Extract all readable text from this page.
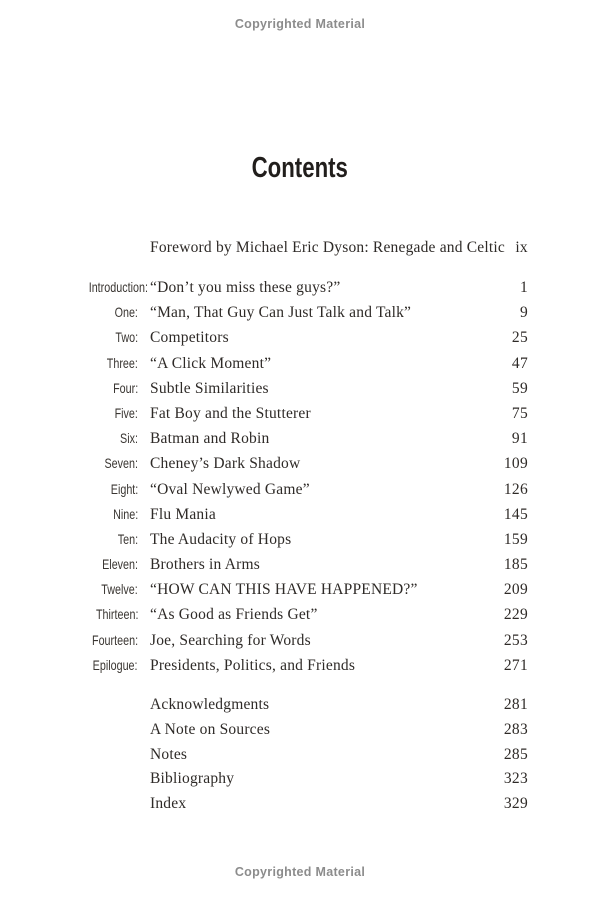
Copyrighted Material
Contents
Foreword by Michael Eric Dyson: Renegade and Celtic ix
Introduction: “Don’t you miss these guys?”	1
One: “Man, That Guy Can Just Talk and Talk”	9
Two: Competitors	25
Three: “A Click Moment”	47
Four: Subtle Similarities	59
Five: Fat Boy and the Stutterer	75
Six: Batman and Robin	91
Seven: Cheney’s Dark Shadow	109
Eight: “Oval Newlywed Game”	126
Nine: Flu Mania	145
Ten: The Audacity of Hops	159
Eleven: Brothers in Arms	185
Twelve: “HOW CAN THIS HAVE HAPPENED?”	209
Thirteen: “As Good as Friends Get”	229
Fourteen: Joe, Searching for Words	253
Epilogue: Presidents, Politics, and Friends	271
Acknowledgments	281
A Note on Sources	283
Notes	285
Bibliography	323
Index	329
Copyrighted Material
